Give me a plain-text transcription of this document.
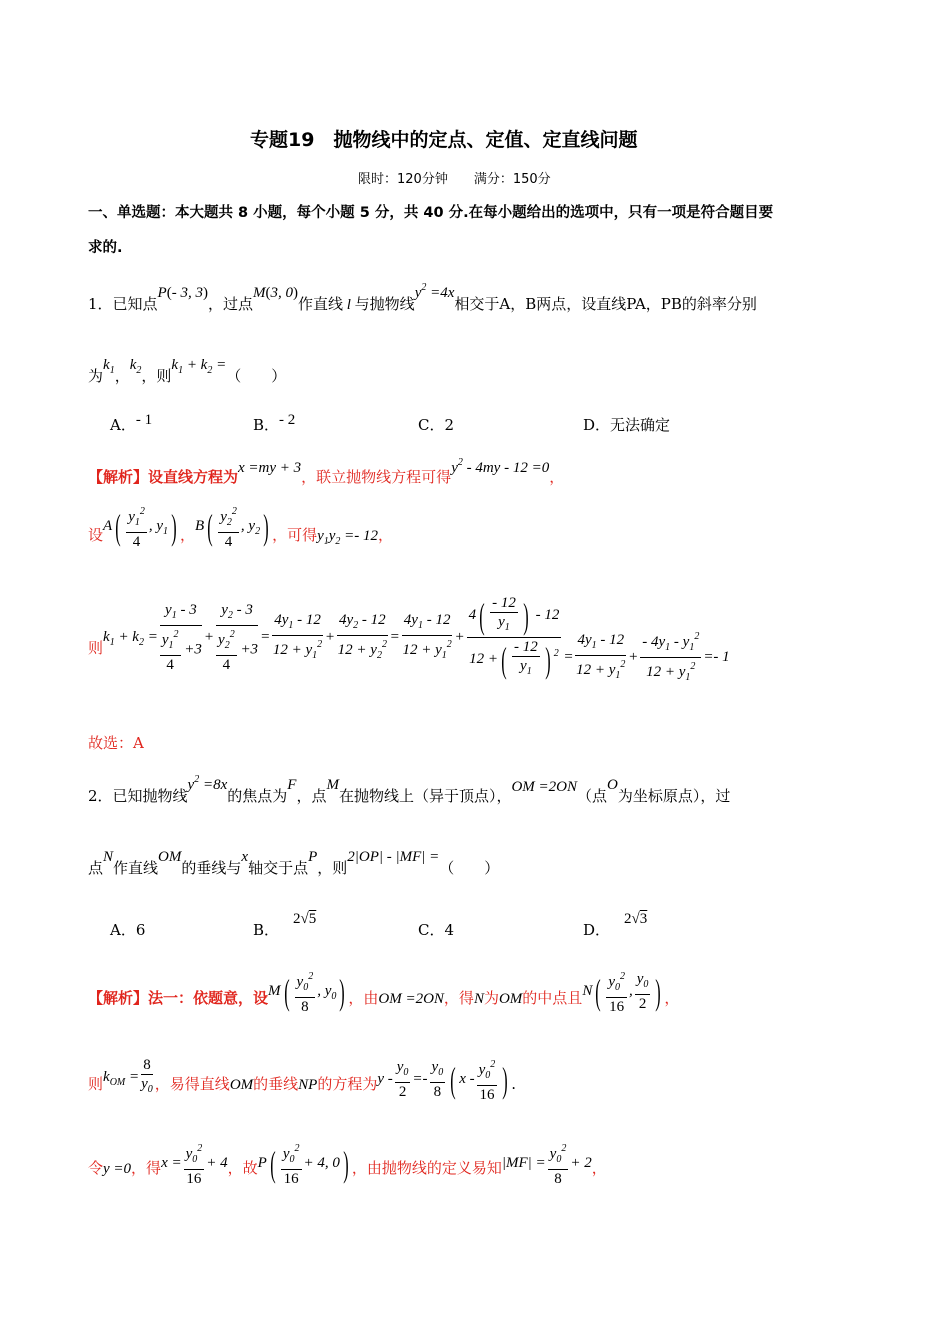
专题19　抛物线中的定点、定值、定直线问题
限时：120分钟　　满分：150分
一、单选题：本大题共 8 小题，每个小题 5 分，共 40 分.在每小题给出的选项中，只有一项是符合题目要
求的.
1．已知点P(- 3, 3)，过点M(3, 0)作直线 l 与抛物线$y^2 =4x$相交于A，B两点，设直线PA，PB的斜率分别
为$k_1$，$k_2$，则$k_1 + k_2$ =（　　）
A．- 1	B．- 2	C．2	D．无法确定
【解析】设直线方程为x =my + 3，联立抛物线方程可得$y^2 - 4my - 12 =0$，
设$A( \frac{y_1^2}{4}$ , $y_1$) ，$B( \frac{y_2^2}{4}$ , $y_2$) ，可得$y_1y_2 =- 12$，
则$k_1 + k_2 = \frac{y_1 - 3}{\frac{y_1^2}{4} +3} + \frac{y_2 - 3}{\frac{y_2^2}{4} +3} = \frac{4y_1 - 12}{12 + y_1^2} + \frac{4y_2 - 12}{12 + y_2^2} = \frac{4y_1 - 12}{12 + y_1^2} + \frac{4( \frac{- 12}{y_1} ) - 12}{12 +( \frac{- 12}{y_1} ) ^2} = \frac{4y_1 - 12}{12 + y_1^2} + \frac{- 4y_1 - y_1^2}{12 + y_1^2} =- 1$
故选：A
2．已知抛物线$y^2 =8x$的焦点为F，点M在抛物线上（异于顶点），OM =2ON（点O为坐标原点），过
点N作直线OM的垂线与x轴交于点P，则2|OP| - |MF| =（　　）
A．6	B．2√5
C．4	D．2√3
【解析】法一：依题意，设$M( \frac{y_0^2}{8}$ , $y_0$) ，由OM =2ON，得N为OM的中点且$N( \frac{y_0^2}{16}$ , $\frac{y_0}{2}$ ) ，
则$k_{OM} = \frac{8}{y_0}$ ，易得直线OM的垂线NP的方程为$y - \frac{y_0}{2} =- \frac{y_0}{8}$ ( x - $\frac{y_0^2}{16}$ ) .
令y =0，得$x = \frac{y_0^2}{16} + 4$，故$P( \frac{y_0^2}{16} + 4$, 0) ，由抛物线的定义易知$|MF| = \frac{y_0^2}{8} + 2$，
